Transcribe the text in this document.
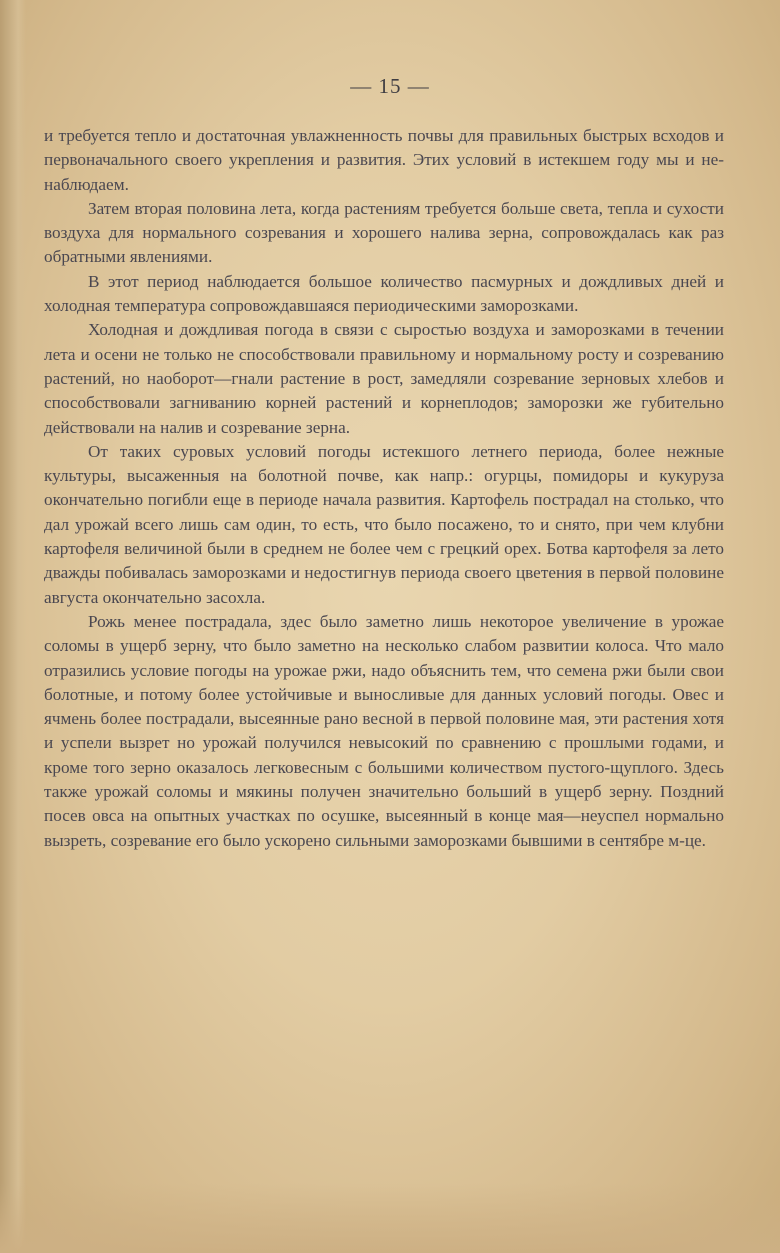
— 15 —

и требуется тепло и достаточная увлажненность почвы для правильных быстрых всходов и первоначального своего укрепления и развития. Этих условий в истекшем году мы и не-наблюдаем.

Затем вторая половина лета, когда растениям требуется больше света, тепла и сухости воздуха для нормального созревания и хорошего налива зерна, сопровождалась как раз обратными явлениями.

В этот период наблюдается большое количество пасмурных и дождливых дней и холодная температура сопровождавшаяся периодическими заморозками.

Холодная и дождливая погода в связи с сыростью воздуха и заморозками в течении лета и осени не только не способствовали правильному и нормальному росту и созреванию растений, но наоборот—гнали растение в рост, замедляли созревание зерновых хлебов и способствовали загниванию корней растений и корнеплодов; заморозки же губительно действовали на налив и созревание зерна.

От таких суровых условий погоды истекшого летнего периода, более нежные культуры, высаженныя на болотной почве, как напр.: огурцы, помидоры и кукуруза окончательно погибли еще в периоде начала развития. Картофель пострадал на столько, что дал урожай всего лишь сам один, то есть, что было посажено, то и снято, при чем клубни картофеля величиной были в среднем не более чем с грецкий орех. Ботва картофеля за лето дважды побивалась заморозками и недостигнув периода своего цветения в первой половине августа окончательно засохла.

Рожь менее пострадала, здес было заметно лишь некоторое увеличение в урожае соломы в ущерб зерну, что было заметно на несколько слабом развитии колоса. Что мало отразились условие погоды на урожае ржи, надо объяснить тем, что семена ржи были свои болотные, и потому более устойчивые и выносливые для данных условий погоды. Овес и ячмень более пострадали, высеянные рано весной в первой половине мая, эти растения хотя и успели вызрет но урожай получился невысокий по сравнению с прошлыми годами, и кроме того зерно оказалось легковесным с большими количеством пустого-щуплого. Здесь также урожай соломы и мякины получен значительно больший в ущерб зерну. Поздний посев овса на опытных участках по осушке, высеянный в конце мая—неуспел нормально вызреть, созревание его было ускорено сильными заморозками бывшими в сентябре м-це.
